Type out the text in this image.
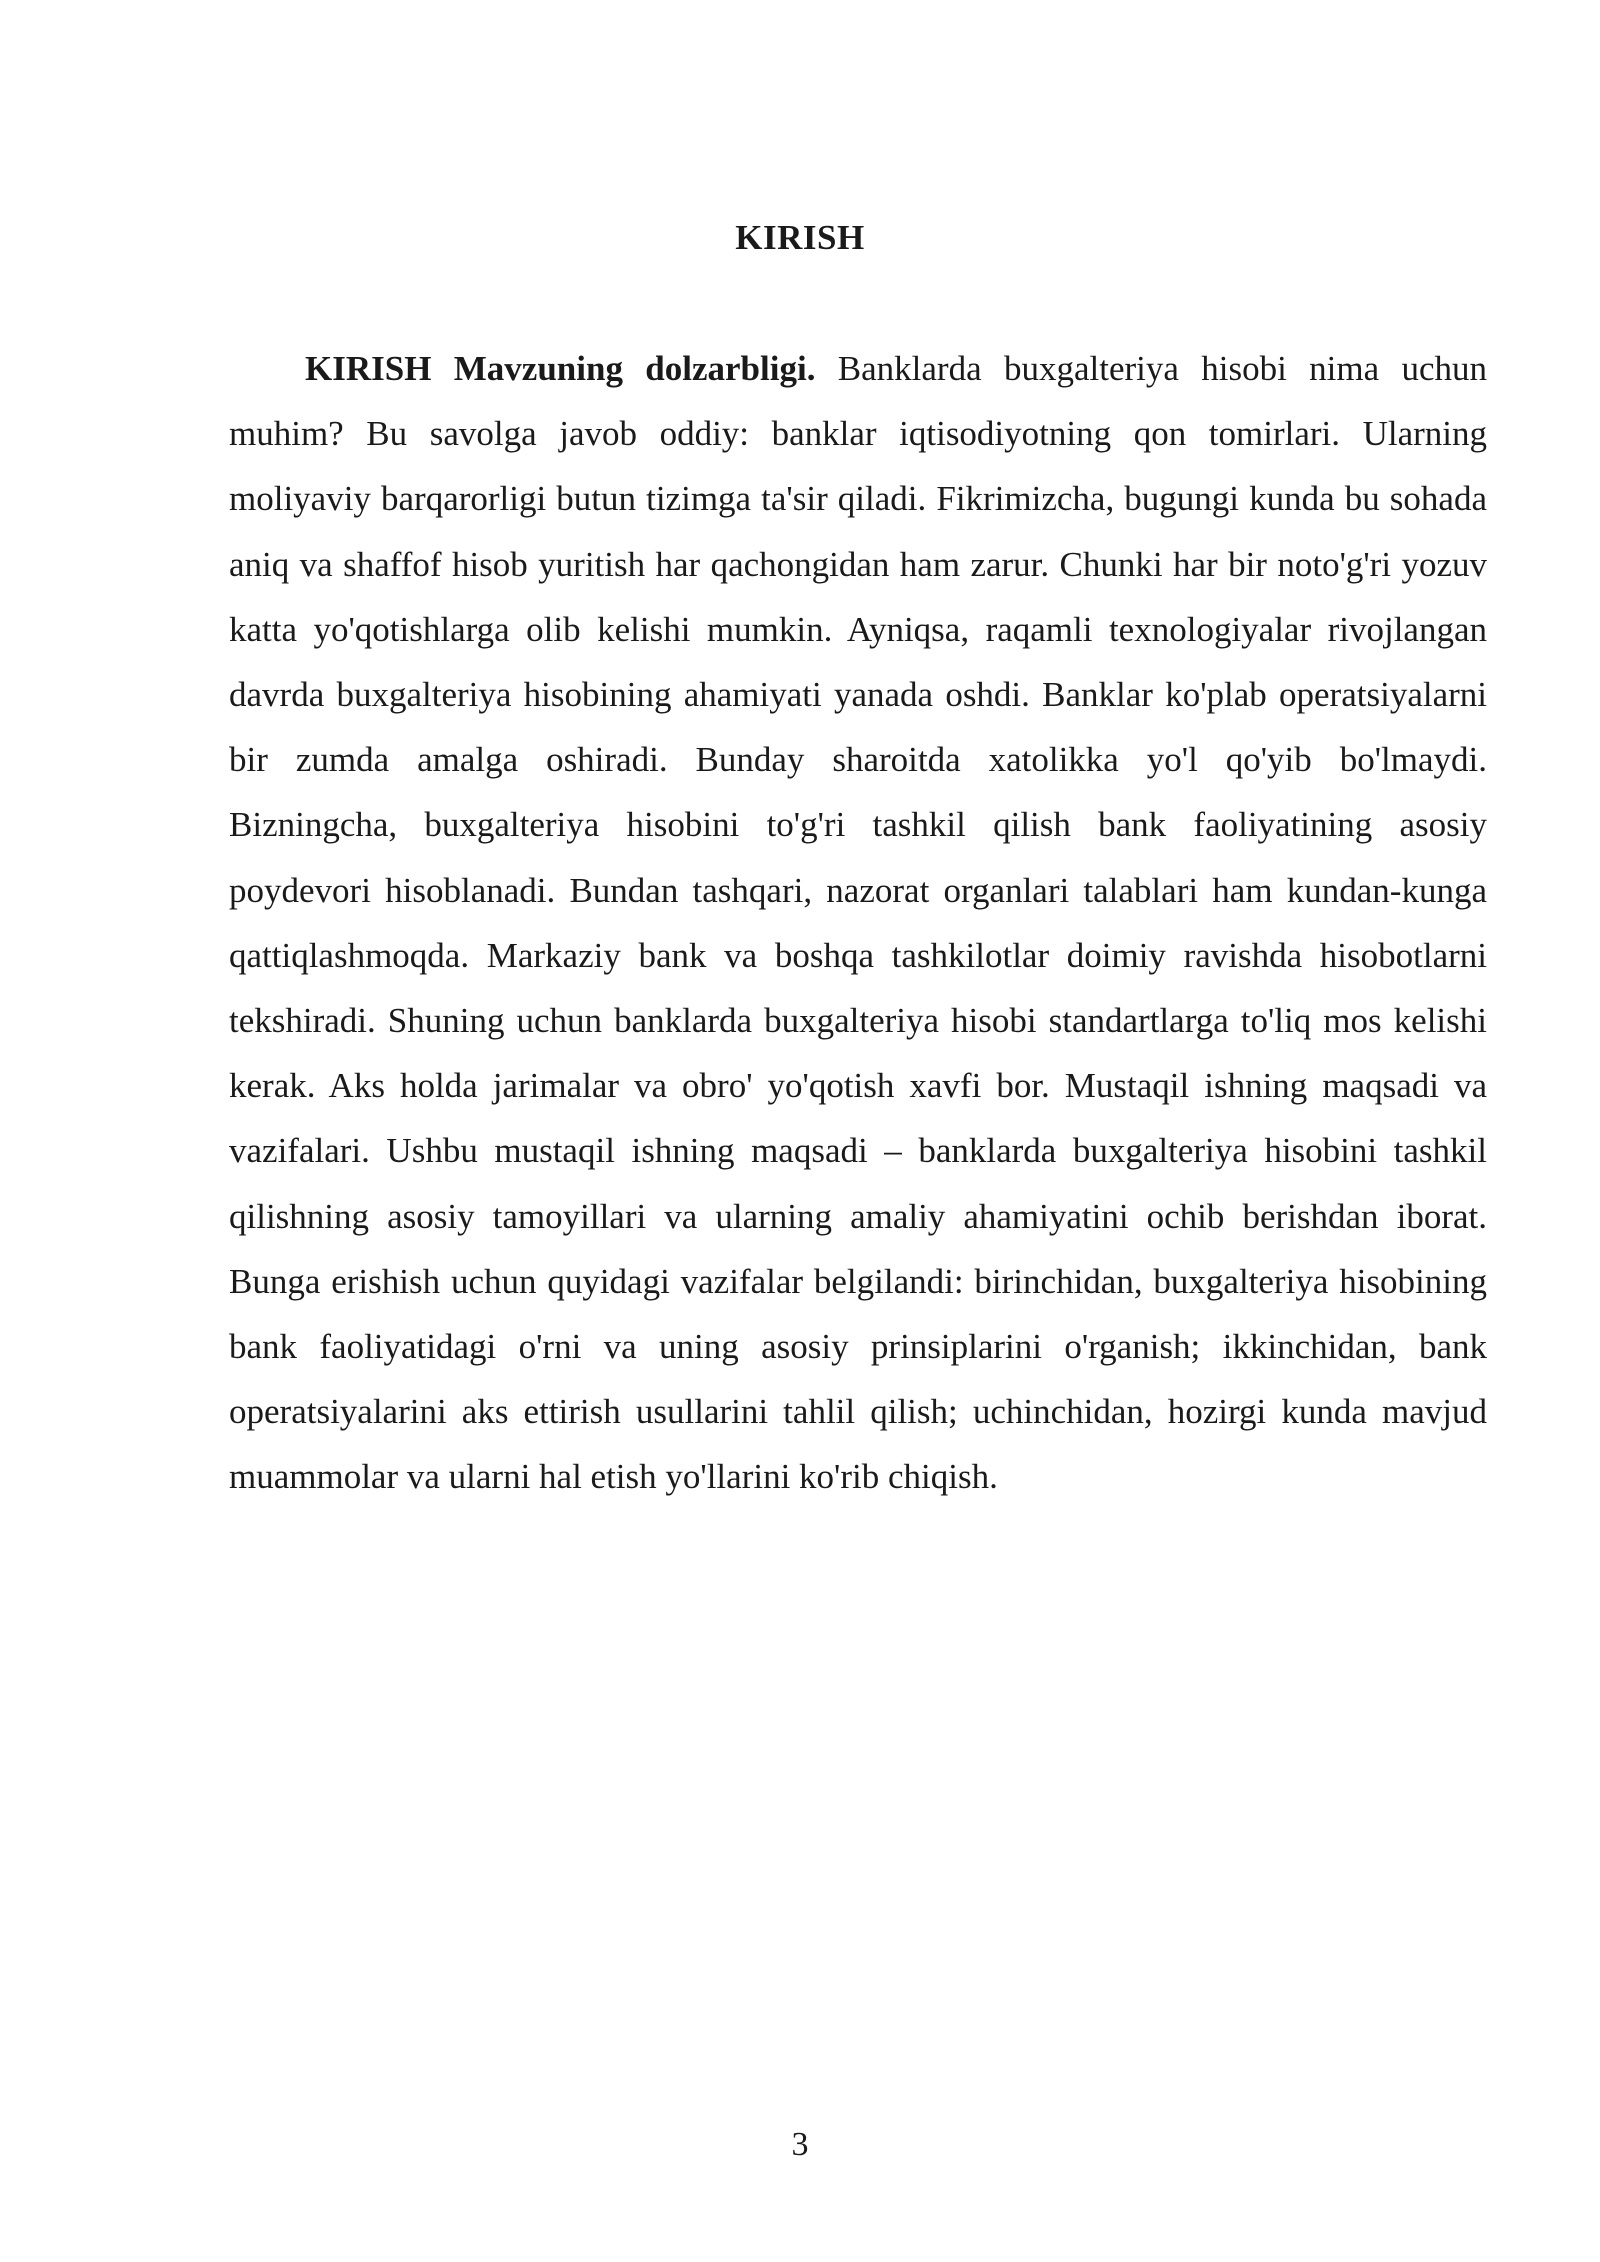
KIRISH

KIRISH Mavzuning dolzarbligi. Banklarda buxgalteriya hisobi nima uchun muhim? Bu savolga javob oddiy: banklar iqtisodiyotning qon tomirlari. Ularning moliyaviy barqarorligi butun tizimga ta'sir qiladi. Fikrimizcha, bugungi kunda bu sohada aniq va shaffof hisob yuritish har qachongidan ham zarur. Chunki har bir noto'g'ri yozuv katta yo'qotishlarga olib kelishi mumkin. Ayniqsa, raqamli texnologiyalar rivojlangan davrda buxgalteriya hisobining ahamiyati yanada oshdi. Banklar ko'plab operatsiyalarni bir zumda amalga oshiradi. Bunday sharoitda xatolikka yo'l qo'yib bo'lmaydi. Bizningcha, buxgalteriya hisobini to'g'ri tashkil qilish bank faoliyatining asosiy poydevori hisoblanadi. Bundan tashqari, nazorat organlari talablari ham kundan-kunga qattiqlashmoqda. Markaziy bank va boshqa tashkilotlar doimiy ravishda hisobotlarni tekshiradi. Shuning uchun banklarda buxgalteriya hisobi standartlarga to'liq mos kelishi kerak. Aks holda jarimalar va obro' yo'qotish xavfi bor. Mustaqil ishning maqsadi va vazifalari. Ushbu mustaqil ishning maqsadi – banklarda buxgalteriya hisobini tashkil qilishning asosiy tamoyillari va ularning amaliy ahamiyatini ochib berishdan iborat. Bunga erishish uchun quyidagi vazifalar belgilandi: birinchidan, buxgalteriya hisobining bank faoliyatidagi o'rni va uning asosiy prinsiplarini o'rganish; ikkinchidan, bank operatsiyalarini aks ettirish usullarini tahlil qilish; uchinchidan, hozirgi kunda mavjud muammolar va ularni hal etish yo'llarini ko'rib chiqish.

3
